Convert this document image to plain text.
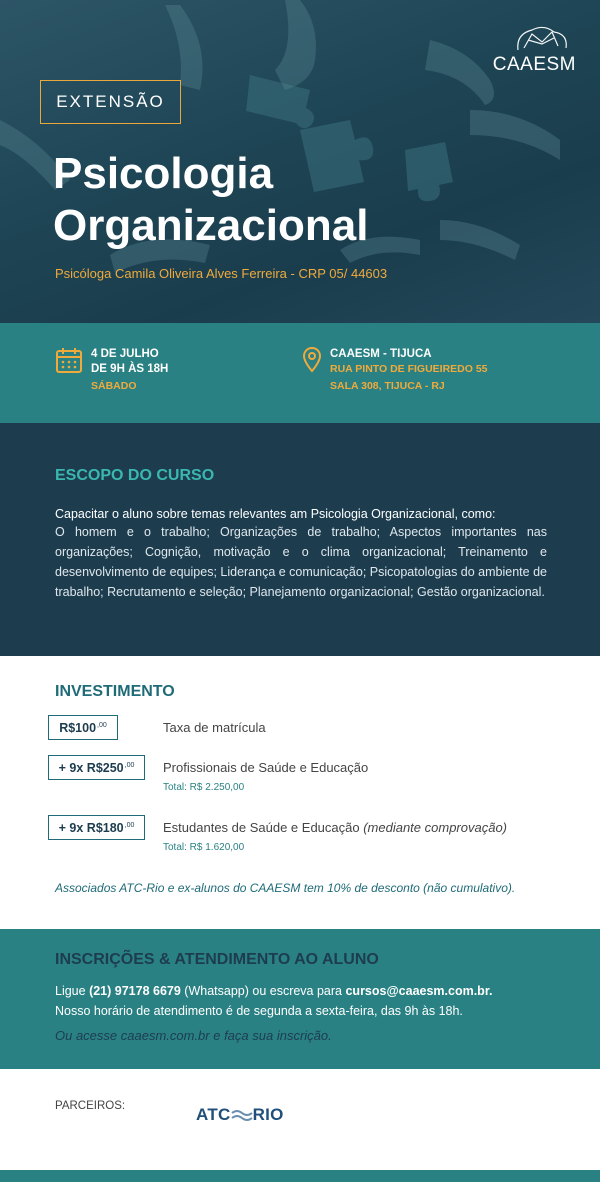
CAAESM
EXTENSÃO
Psicologia
Organizacional
Psicóloga Camila Oliveira Alves Ferreira - CRP 05/ 44603
4 DE JULHO
DE 9H ÀS 18H
SÁBADO
CAAESM - TIJUCA
RUA PINTO DE FIGUEIREDO 55
SALA 308, TIJUCA - RJ
ESCOPO DO CURSO
Capacitar o aluno sobre temas relevantes am Psicologia Organizacional, como:
O homem e o trabalho; Organizações de trabalho; Aspectos importantes nas organizações; Cognição, motivação e o clima organizacional; Treinamento e desenvolvimento de equipes; Liderança e comunicação; Psicopatologias do ambiente de trabalho; Recrutamento e seleção; Planejamento organizacional; Gestão organizacional.
INVESTIMENTO
$R\$100^{,00}$	Taxa de matrícula
+ 9x $R\$250^{,00}$ Profissionais de Saúde e Educação
Total: R$ 2.250,00
+ 9x $R\$180^{,00}$ Estudantes de Saúde e Educação (mediante comprovação)
Total: R$ 1.620,00
Associados ATC-Rio e ex-alunos do CAAESM tem 10% de desconto (não cumulativo).
INSCRIÇÕES & ATENDIMENTO AO ALUNO
Ligue (21) 97178 6679 (Whatsapp) ou escreva para cursos@caaesm.com.br.
Nosso horário de atendimento é de segunda a sexta-feira, das 9h às 18h.
Ou acesse caaesm.com.br e faça sua inscrição.
PARCEIROS:	ATC RIO
